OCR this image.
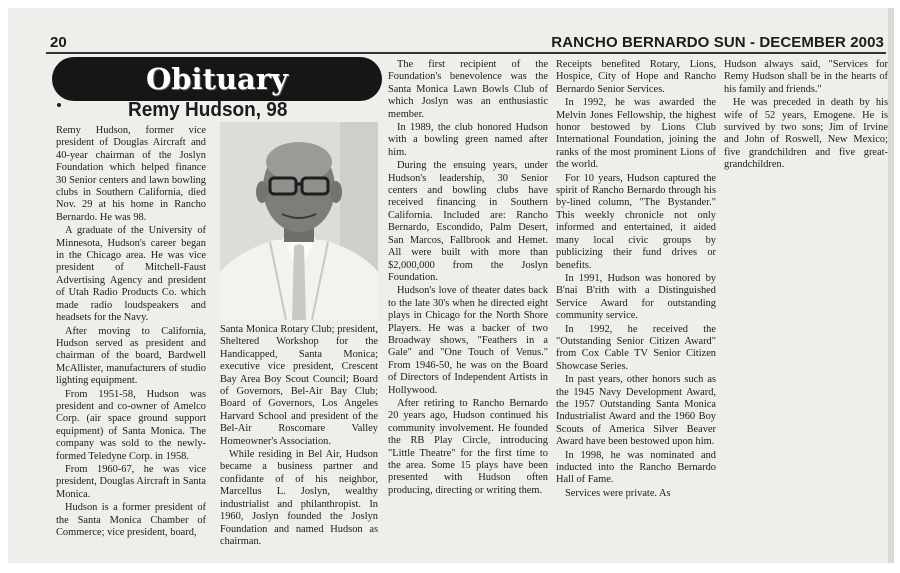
20	RANCHO BERNARDO SUN - DECEMBER 2003
Obituary
Remy Hudson, 98

Remy Hudson, former vice president of Douglas Aircraft and 40-year chairman of the Joslyn Foundation which helped finance 30 Senior centers and lawn bowling clubs in Southern California, died Nov. 29 at his home in Rancho Bernardo. He was 98.

A graduate of the University of Minnesota, Hudson's career began in the Chicago area. He was vice president of Mitchell-Faust Advertising Agency and president of Utah Radio Products Co. which made radio loudspeakers and headsets for the Navy.

After moving to California, Hudson served as president and chairman of the board, Bardwell McAllister, manufacturers of studio lighting equipment.

From 1951-58, Hudson was president and co-owner of Amelco Corp. (air space ground support equipment) of Santa Monica. The company was sold to the newly-formed Teledyne Corp. in 1958.

From 1960-67, he was vice president, Douglas Aircraft in Santa Monica.

Hudson is a former president of the Santa Monica Chamber of Commerce; vice president, board,

Santa Monica Rotary Club; president, Sheltered Workshop for the Handicapped, Santa Monica; executive vice president, Crescent Bay Area Boy Scout Council; Board of Governors, Bel-Air Bay Club; Board of Governors, Los Angeles Harvard School and president of the Bel-Air Roscomare Valley Homeowner's Association.

While residing in Bel Air, Hudson became a business partner and confidante of of his neighbor, Marcellus L. Joslyn, wealthy industrialist and philanthropist. In 1960, Joslyn founded the Joslyn Foundation and named Hudson as chairman.

The first recipient of the Foundation's benevolence was the Santa Monica Lawn Bowls Club of which Joslyn was an enthusiastic member.

In 1989, the club honored Hudson with a bowling green named after him.

During the ensuing years, under Hudson's leadership, 30 Senior centers and bowling clubs have received financing in Southern California. Included are: Rancho Bernardo, Escondido, Palm Desert, San Marcos, Fallbrook and Hemet. All were built with more than $2,000,000 from the Joslyn Foundation.

Hudson's love of theater dates back to the late 30's when he directed eight plays in Chicago for the North Shore Players. He was a backer of two Broadway shows, "Feathers in a Gale" and "One Touch of Venus." From 1946-50, he was on the Board of Directors of Independent Artists in Hollywood.

After retiring to Rancho Bernardo 20 years ago, Hudson continued his community involvement. He founded the RB Play Circle, introducing "Little Theatre" for the first time to the area. Some 15 plays have been presented with Hudson often producing, directing or writing them.

Receipts benefited Rotary, Lions, Hospice, City of Hope and Rancho Bernardo Senior Services.

In 1992, he was awarded the Melvin Jones Fellowship, the highest honor bestowed by Lions Club International Foundation, joining the ranks of the most prominent Lions of the world.

For 10 years, Hudson captured the spirit of Rancho Bernardo through his by-lined column, "The Bystander." This weekly chronicle not only informed and entertained, it aided many local civic groups by publicizing their fund drives or benefits.

In 1991, Hudson was honored by B'nai B'rith with a Distinguished Service Award for outstanding community service.

In 1992, he received the "Outstanding Senior Citizen Award" from Cox Cable TV Senior Citizen Showcase Series.

In past years, other honors such as the 1945 Navy Development Award, the 1957 Outstanding Santa Monica Industrialist Award and the 1960 Boy Scouts of America Silver Beaver Award have been bestowed upon him.

In 1998, he was nominated and inducted into the Rancho Bernardo Hall of Fame.

Services were private. As

Hudson always said, "Services for Remy Hudson shall be in the hearts of his family and friends."

He was preceded in death by his wife of 52 years, Emogene. He is survived by two sons; Jim of Irvine and John of Roswell, New Mexico; five grandchildren and five great-grandchildren.
